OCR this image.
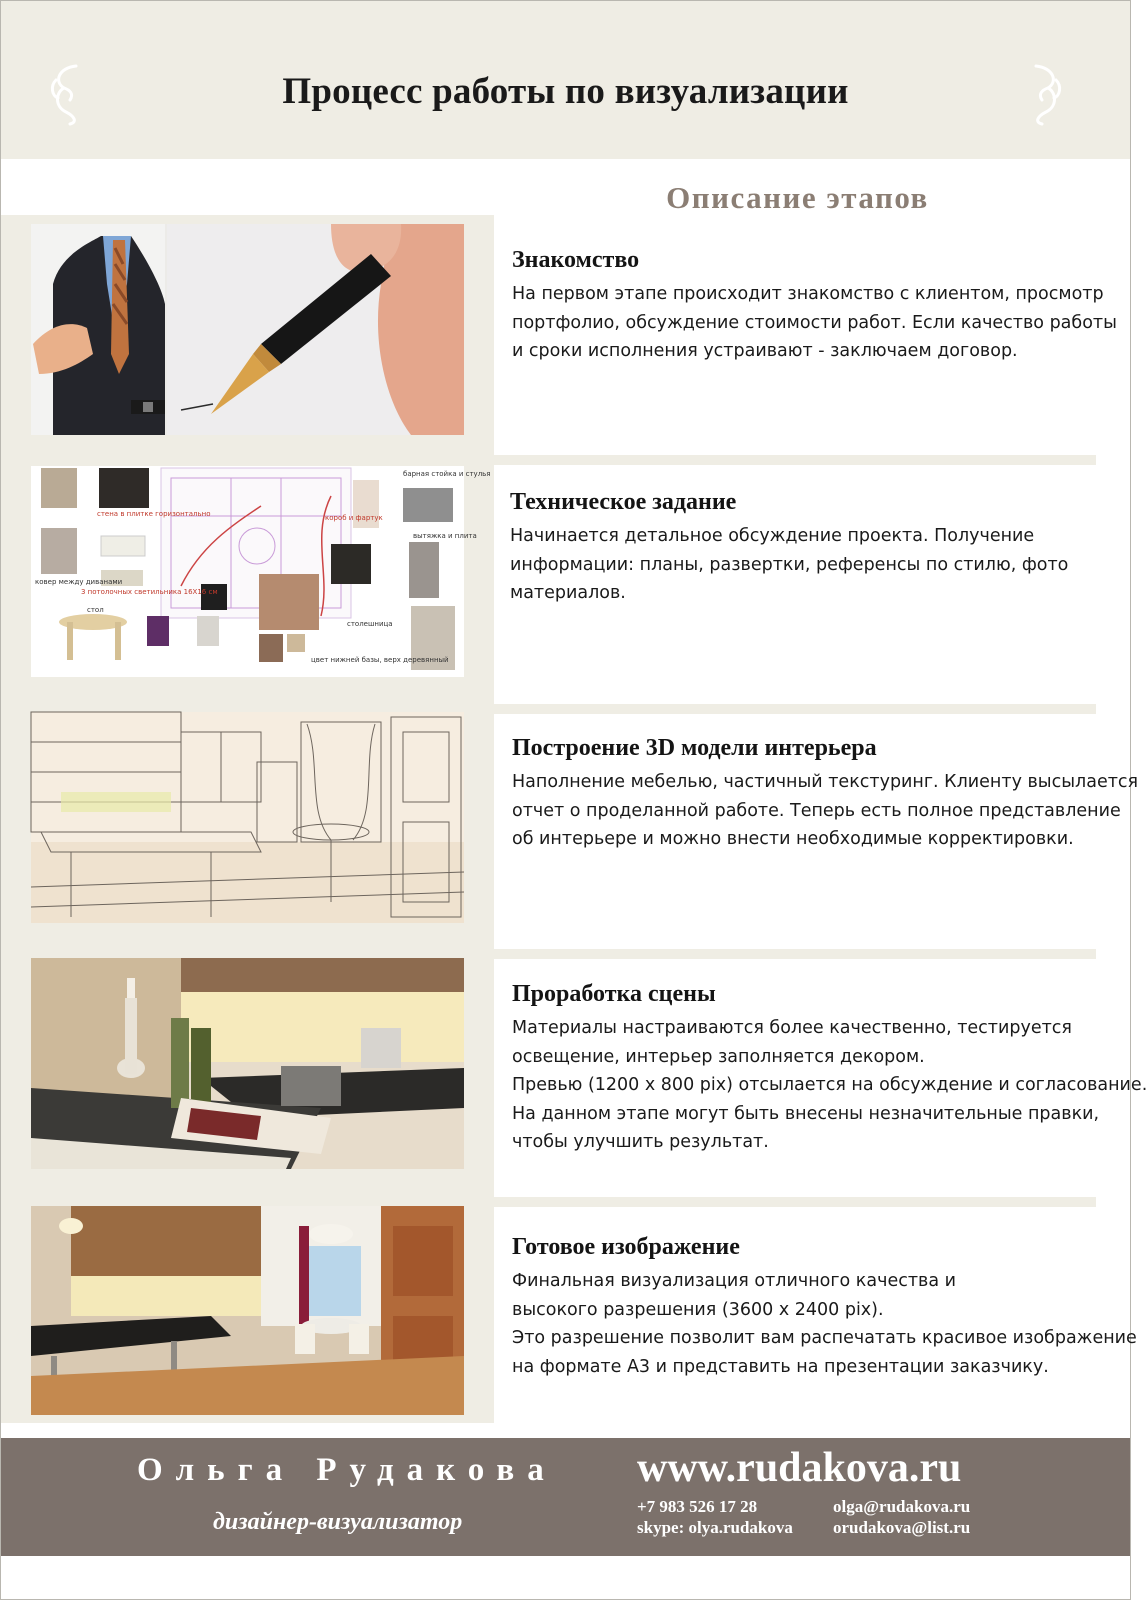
Процесс работы по визуализации
Описание этапов
барная стойка и стулья
стена в плитке горизонтально	короб и фартук
вытяжка и плита
ковер между диванами
3 потолочных светильника 16Х16 см
стол
столешница
цвет нижней базы, верх деревянный
Знакомство
На первом этапе происходит знакомство с клиентом, просмотр
портфолио, обсуждение стоимости работ. Если качество работы
и сроки исполнения устраивают - заключаем договор.
Техническое задание
Начинается детальное обсуждение проекта. Получение
информации: планы, развертки, референсы по стилю, фото
материалов.
Построение 3D модели интерьера
Наполнение мебелью, частичный текстуринг. Клиенту высылается
отчет о проделанной работе. Теперь есть полное представление
об интерьере и можно внести необходимые корректировки.
Проработка сцены
Материалы настраиваются более качественно, тестируется
освещение, интерьер заполняется декором.
Превью (1200 х 800 pix) отсылается на обсуждение и согласование.
На данном этапе могут быть внесены незначительные правки,
чтобы улучшить результат.
Готовое изображение
Финальная визуализация отличного качества и
высокого разрешения (3600 х 2400 pix).
Это разрешение позволит вам распечатать красивое изображение
на формате А3 и представить на презентации заказчику.
Ольга Рудакова
дизайнер-визуализатор
www.rudakova.ru
+7 983 526 17 28
skype: olya.rudakova
olga@rudakova.ru
orudakova@list.ru
